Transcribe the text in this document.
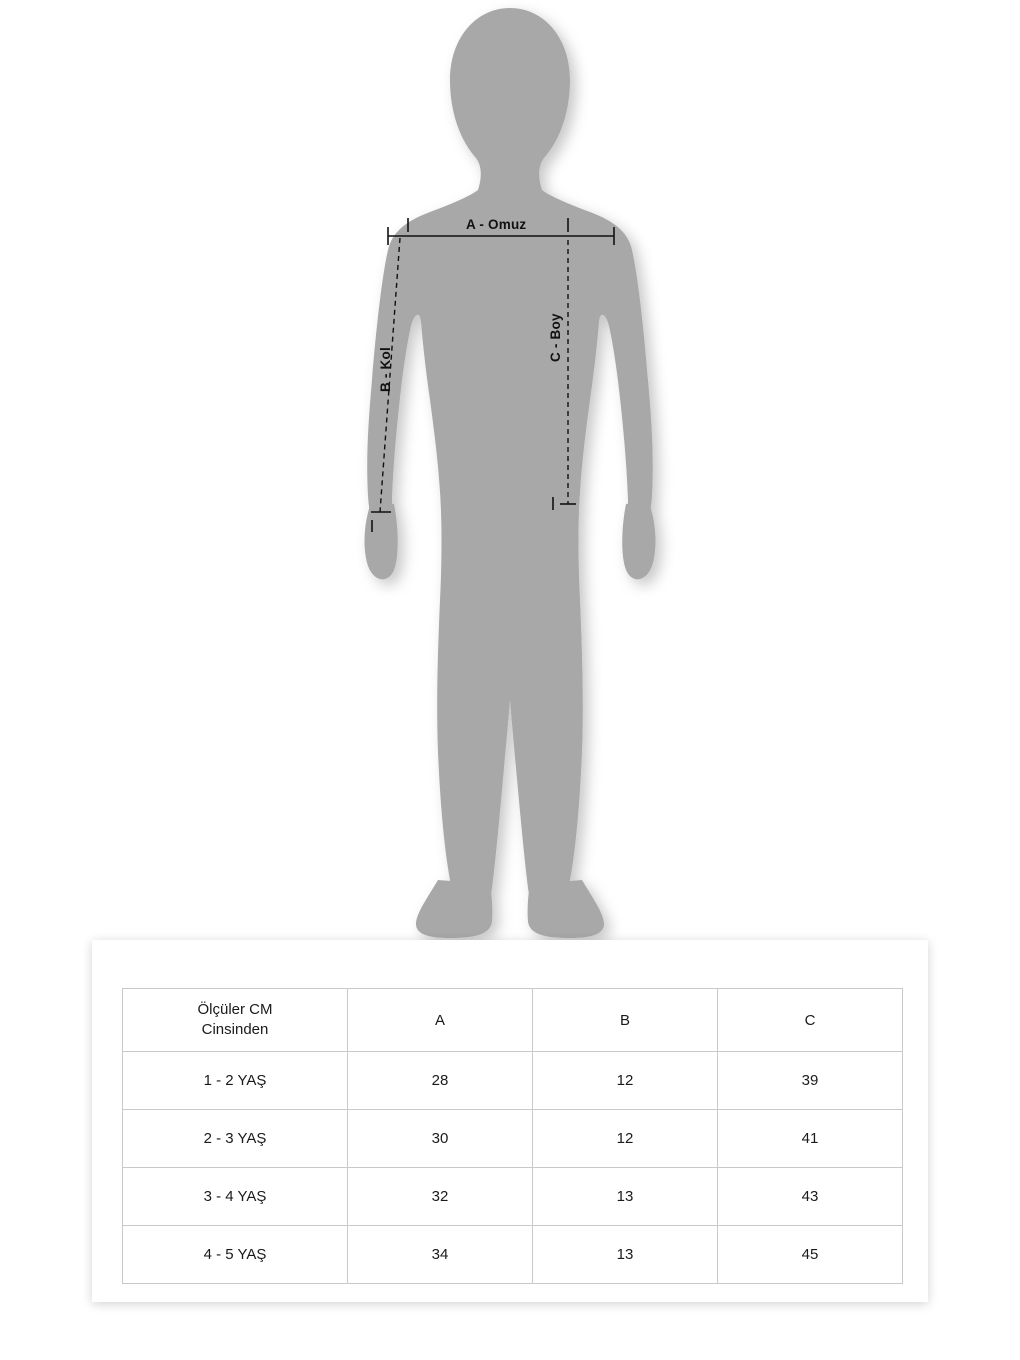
A - Omuz
B - Kol
C - Boy
Ölçüler CM
Cinsinden	A	B	C
1 - 2 YAŞ	28	12	39
2 - 3 YAŞ	30	12	41
3 - 4 YAŞ	32	13	43
4 - 5 YAŞ	34	13	45
